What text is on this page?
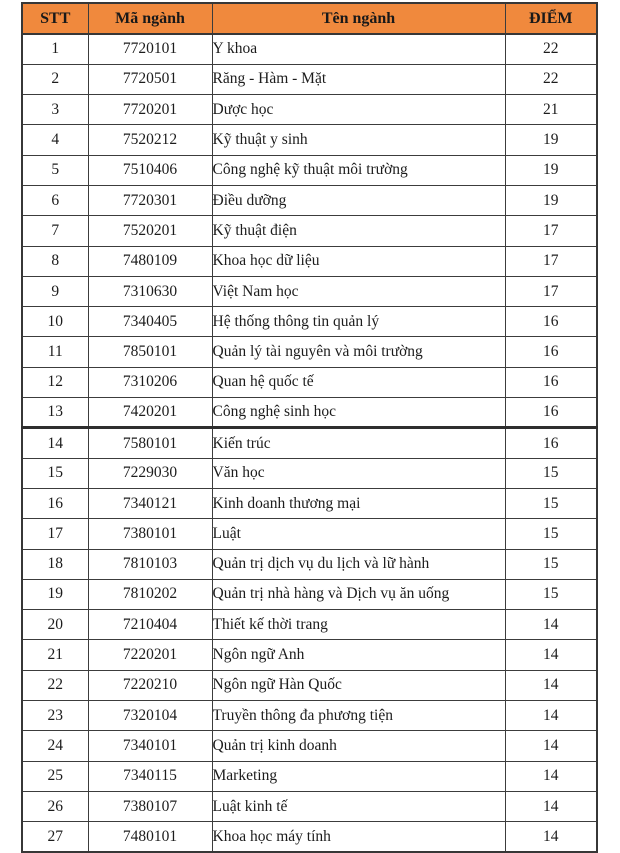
STT	Mã ngành	Tên ngành	ĐIỂM
1	7720101	Y khoa	22
2	7720501	Răng - Hàm - Mặt	22
3	7720201	Dược học	21
4	7520212	Kỹ thuật y sinh	19
5	7510406	Công nghệ kỹ thuật môi trường	19
6	7720301	Điều dưỡng	19
7	7520201	Kỹ thuật điện	17
8	7480109	Khoa học dữ liệu	17
9	7310630	Việt Nam học	17
10	7340405	Hệ thống thông tin quản lý	16
11	7850101	Quản lý tài nguyên và môi trường	16
12	7310206	Quan hệ quốc tế	16
13	7420201	Công nghệ sinh học	16
14	7580101	Kiến trúc	16
15	7229030	Văn học	15
16	7340121	Kinh doanh thương mại	15
17	7380101	Luật	15
18	7810103	Quản trị dịch vụ du lịch và lữ hành	15
19	7810202	Quản trị nhà hàng và Dịch vụ ăn uống	15
20	7210404	Thiết kế thời trang	14
21	7220201	Ngôn ngữ Anh	14
22	7220210	Ngôn ngữ Hàn Quốc	14
23	7320104	Truyền thông đa phương tiện	14
24	7340101	Quản trị kinh doanh	14
25	7340115	Marketing	14
26	7380107	Luật kinh tế	14
27	7480101	Khoa học máy tính	14
